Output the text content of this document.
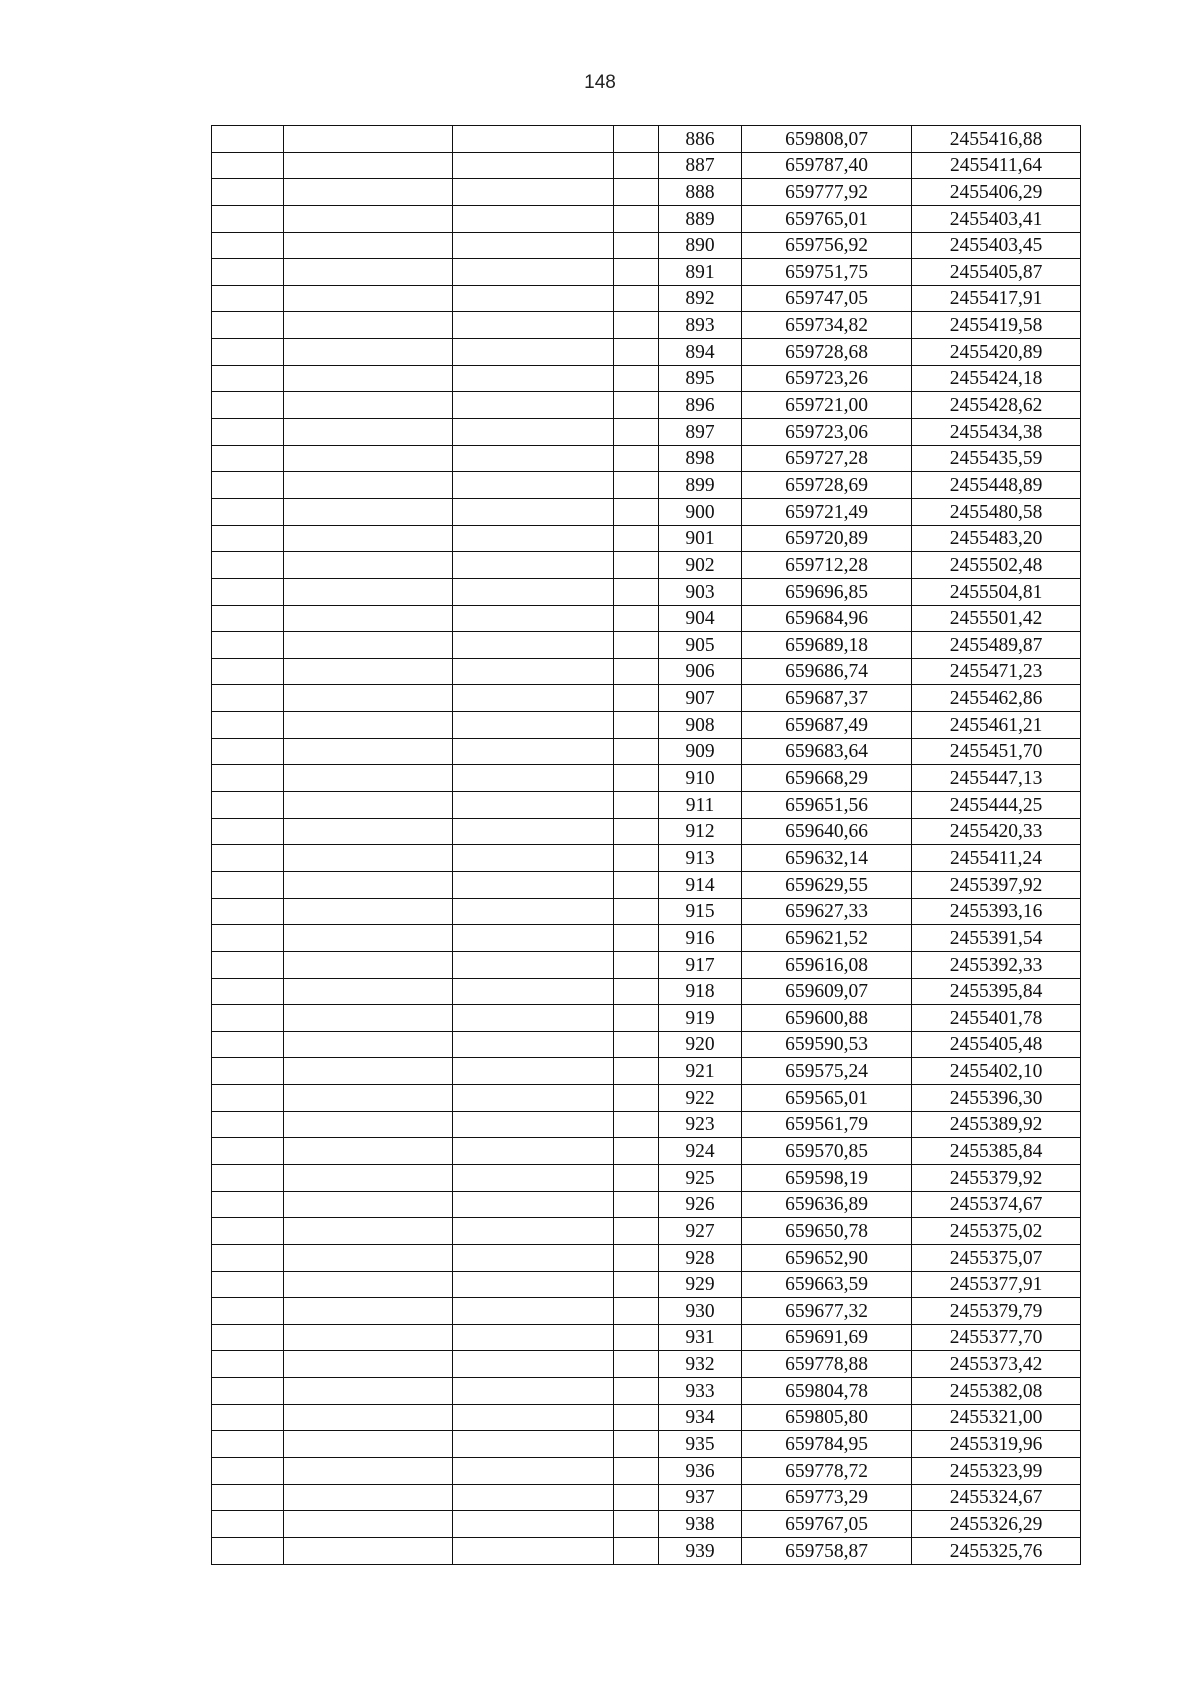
148
				886	659808,07	2455416,88
				887	659787,40	2455411,64
				888	659777,92	2455406,29
				889	659765,01	2455403,41
				890	659756,92	2455403,45
				891	659751,75	2455405,87
				892	659747,05	2455417,91
				893	659734,82	2455419,58
				894	659728,68	2455420,89
				895	659723,26	2455424,18
				896	659721,00	2455428,62
				897	659723,06	2455434,38
				898	659727,28	2455435,59
				899	659728,69	2455448,89
				900	659721,49	2455480,58
				901	659720,89	2455483,20
				902	659712,28	2455502,48
				903	659696,85	2455504,81
				904	659684,96	2455501,42
				905	659689,18	2455489,87
				906	659686,74	2455471,23
				907	659687,37	2455462,86
				908	659687,49	2455461,21
				909	659683,64	2455451,70
				910	659668,29	2455447,13
				911	659651,56	2455444,25
				912	659640,66	2455420,33
				913	659632,14	2455411,24
				914	659629,55	2455397,92
				915	659627,33	2455393,16
				916	659621,52	2455391,54
				917	659616,08	2455392,33
				918	659609,07	2455395,84
				919	659600,88	2455401,78
				920	659590,53	2455405,48
				921	659575,24	2455402,10
				922	659565,01	2455396,30
				923	659561,79	2455389,92
				924	659570,85	2455385,84
				925	659598,19	2455379,92
				926	659636,89	2455374,67
				927	659650,78	2455375,02
				928	659652,90	2455375,07
				929	659663,59	2455377,91
				930	659677,32	2455379,79
				931	659691,69	2455377,70
				932	659778,88	2455373,42
				933	659804,78	2455382,08
				934	659805,80	2455321,00
				935	659784,95	2455319,96
				936	659778,72	2455323,99
				937	659773,29	2455324,67
				938	659767,05	2455326,29
				939	659758,87	2455325,76
